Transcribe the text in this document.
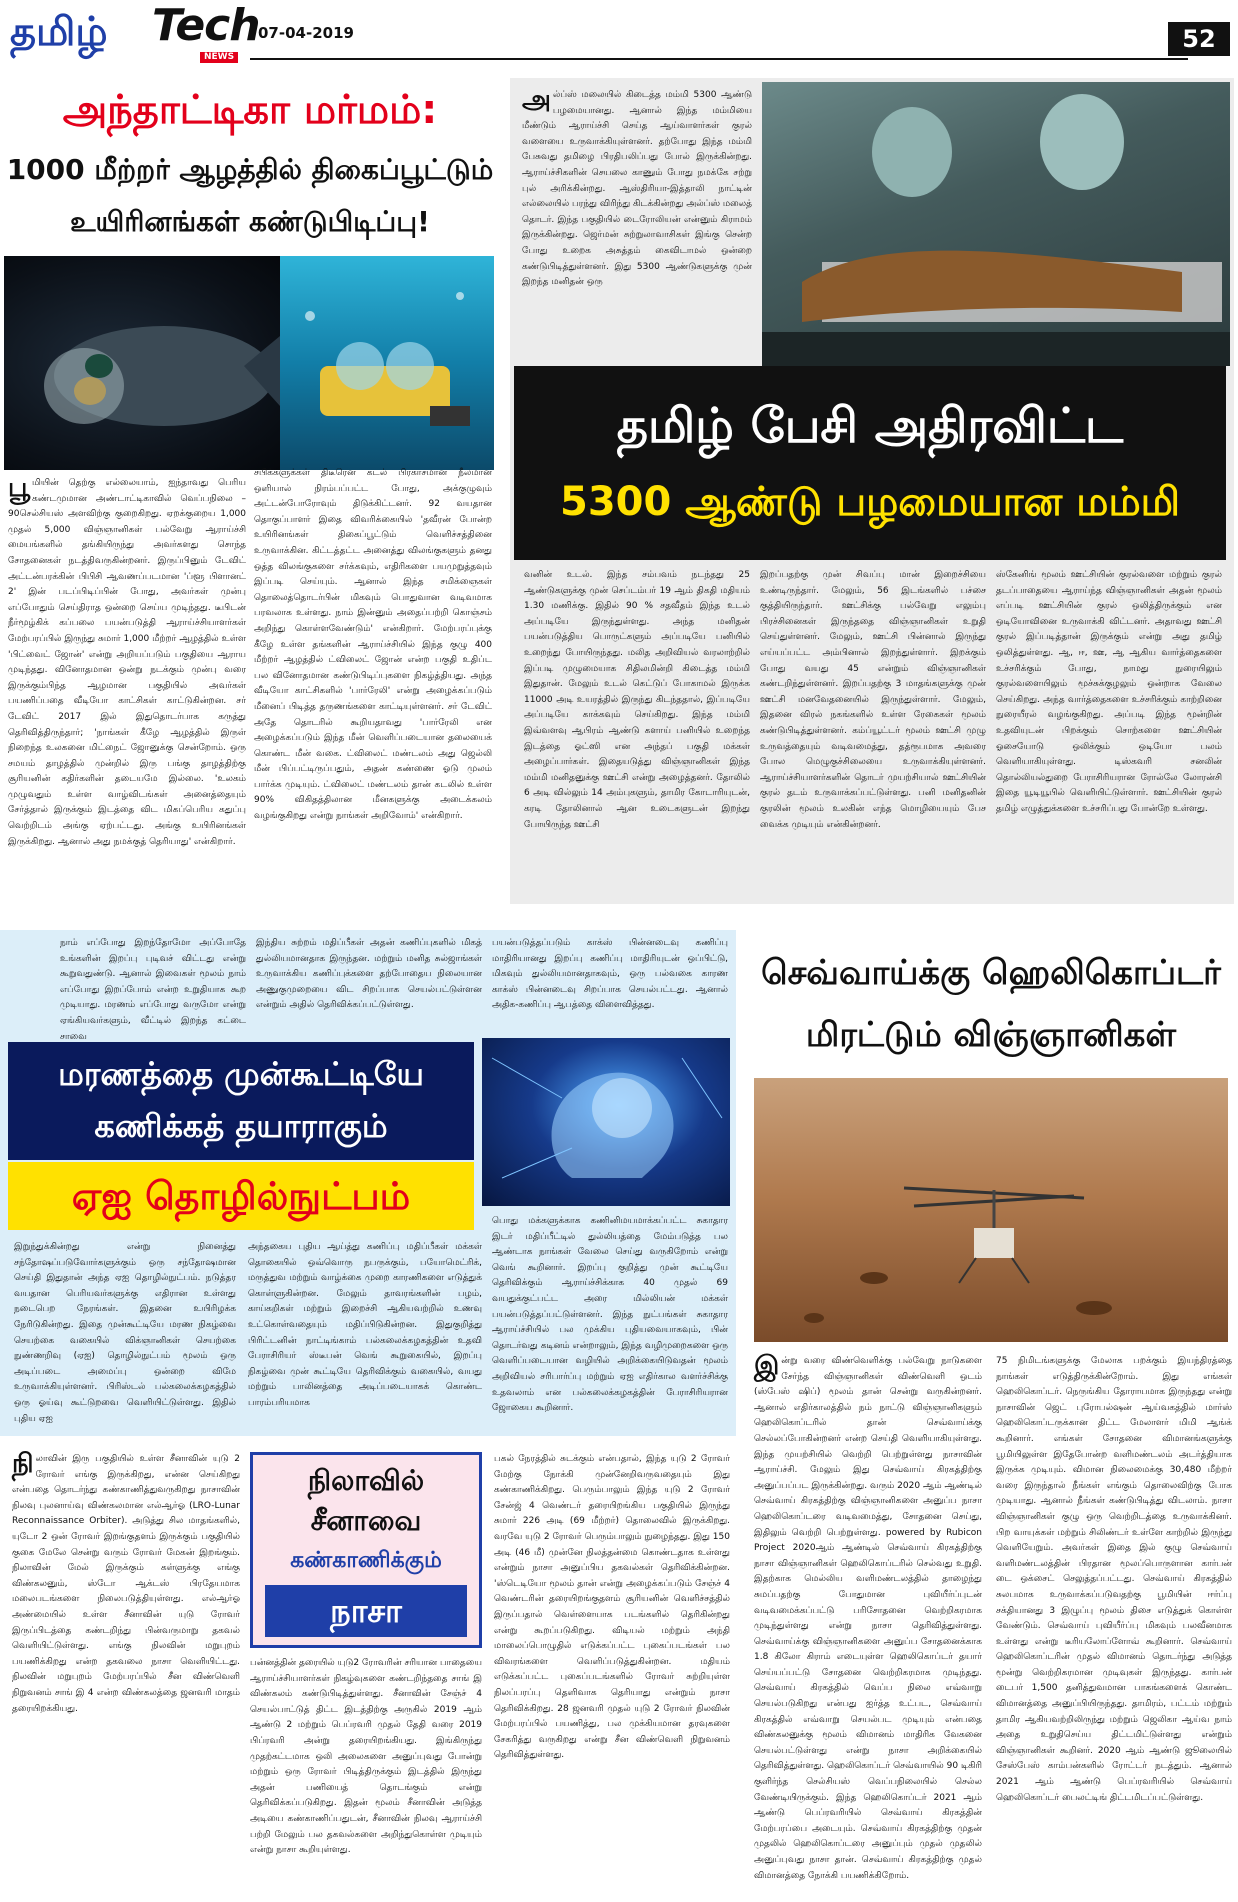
தமிழ் Tech
NEWS
07-04-2019	52
அந்தாட்டிகா மர்மம்:
1000 மீற்றர் ஆழத்தில் திகைப்பூட்டும்
உயிரினங்கள் கண்டுபிடிப்பு!

பூமியின் தெற்கு எல்லையாம், ஐந்தாவது பெரிய கண்டமுமான அண்டாட்டிகாவில் வெப்பநிலை –90செல்சியஸ் அளவிற்கு குறைகிறது. ஏறக்குறைய 1,000 முதல் 5,000 விஞ்ஞானிகள் பல்வேறு ஆராய்ச்சி மையங்களில் தங்கியிருந்து அவர்களது சொந்த சோதனைகள் நடத்திவருகின்றனர். இருப்பினும் டேவிட் அட்டன்பரக்கின் பிபிசி ஆவணப்படமான 'ப்ளூ பிளானட் 2' இன் படப்பிடிப்பின் போது, அவர்கள் முன்பு எப்போதும் செய்திராத ஒன்றை செய்ய முடிந்தது. டீபிடன் நீர்மூழ்கிக் கப்பலை பயன்படுத்தி ஆராய்ச்சியாளர்கள் மேற்பரப்பில் இருந்து சுமார் 1,000 மீற்றர் ஆழத்தில் உள்ள 'பிட்வைட் ஜோன்' என்று அறியப்படும் பகுதியை ஆராய முடிந்தது. வினோதமான ஒன்று நடக்கும் முன்பு வரை இருக்கும்பிந்த ஆழமான பகுதியில் அவர்கள் பயணிப்பதை வீடியோ காட்சிகள் காட்டுகின்றன. சர் டேவிட் 2017 இல் இதுதொடர்பாக கருத்து தெரிவித்திருந்தார்; 'நாங்கள் கீழே ஆழத்தில் இருள் நிறைந்த உலகனை மிட்நைட் ஜோனுக்கு சென்றோம். ஒரு சமயம் தாழத்தில் முன்றில் இரு பங்கு தாழத்திற்கு சூரியனின் கதிர்களின் தடையமே இல்லை. 'உலகம் முழுவதும் உள்ள வாழ்விடங்கள் அனைத்தையும் சேர்த்தால் இருக்கும் இடத்தை விட மிகப்பெரிய கதுப்பு வெற்றிடம் அங்கு ஏற்பட்டது. அங்கு உயிரினங்கள் இருக்கிறது. ஆனால் அது நமக்குத் தெரியாது' என்கிறார்.

சபிக்களுக்கள் திடீரென கடல் பிரகாசமான நீலமான ஒளியால் நிரம்பப்பட்ட போது, அக்குழுவும் அட்டன்போரோவும் திடுக்கிட்டனர். 92 வயதான தொகுப்பாளர் இதை விவரிக்கையில் 'தவீரன் போன்ற உயிரினங்கள் திகைப்பூட்டும் வெளிச்சத்தினை உருவாக்கின. கிட்டத்தட்ட அனைத்து விலங்குகளும் தனது ஒத்த விலங்குகளை சர்க்கவும், எதிரிகளை பயமுறுத்தவும் இப்படி செய்யும். ஆனால் இந்த சமிக்ஞைகள் தொலைத்தொடர்பின் மிகவும் பொதுவான வடிவமாக பரவலாக உள்ளது. நாம் இன்னும் அதைப்பற்றி கொஞ்சம் அறிந்து கொள்ளவேண்டும்' என்கிறார். மேற்பரப்புக்கு கீழே உள்ள தங்களின் ஆராய்ச்சியில் இந்த குழு 400 மீற்றர் ஆழத்தில் ட்விலைட் ஜோன் என்ற பகுதி உதிப்ட பல வினோதமான கண்டுபிடிப்புகளை நிகழ்த்தியது. அந்த வீடியோ காட்சிகளில் 'பார்ரேலி' என்று அழைக்கப்படும் மீனைப் பிடித்த தருணங்களை காட்டியுள்ளனர். சர் டேவிட் அதே தொடரில் கூறியதாவது 'பார்ரேலி என அழைக்கப்படும் இந்த மீன் வெளிப்படையான தலையைக் கொண்ட மீன் வகை. ட்விலைட் மண்டலம் அது ஜெல்லி மீன் பிப்பட்டிருப்பதும், அதன் கண்ணை ஓடு முலம் பார்க்க முடியும். ட்விலைட் மண்டலம் தான் கடலில் உள்ள 90% விகிதத்திலான மீனகளுக்கு அடைக்கலம் வழங்குகிறது என்று நாங்கள் அறிவோம்' என்கிறார்.

அல்ப்ஸ் மலையில் கிடைத்த மம்மி 5300 ஆண்டு பழமையானது. ஆனால் இந்த மம்மியை மீண்டும் ஆராய்ச்சி செய்த ஆய்வாளர்கள் குரல் வளையை உருவாக்கியுள்ளனர். தற்போது இந்த மம்மி பேசுவது தமிழை பிரதிபலிப்பது போல் இருக்கின்றது. ஆராய்ச்சிகளின் செயலை காணும் போது நமக்கே சற்று புல் அரிக்கின்றது. ஆஸ்திரியா-இத்தாலி நாட்டின் எல்லையில் பரந்து விரிந்து கிடக்கின்றது அல்ப்ஸ் மலைத் தொடர். இந்த பகுதியில் டைரோலியன் என்னும் கிராமம் இருக்கின்றது. ஜெர்மன் சுற்றுலாவாசிகள் இங்கு சென்ற போது உறைக அசுத்தம் கைவிடாமல் ஒன்றை கண்டுபிடித்துள்ளனர். இது 5300 ஆண்டுகளுக்கு முன் இறந்த மனிதன் ஒரு

தமிழ் பேசி அதிரவிட்ட
5300 ஆண்டு பழமையான மம்மி

வனின் உடல். இந்த சம்பவம் நடந்தது 25 ஆண்டுகளுக்கு முன் செப்டம்பர் 19 ஆம் திகதி மதியம் 1.30 மணிக்கு. இதில் 90 % சதவீதம் இந்த உடல் அப்படியே இருந்துள்ளது. அந்த மனிதன் பயன்படுத்திய பொருட்களும் அப்படியே பனியில் உறைந்து போயிருந்தது. மலித அறிவியல் வரலாற்றில் இப்படி முழுமையாக சிதிலமின்றி கிடைத்த மம்மி இதுதான். மேலும் உடல் கெட்டுப் போகாமல் இருக்க 11000 அடி உயரத்தில் இருந்து கிடந்ததால், இப்படியே அப்படியே காக்கவும் செய்கிறது. இந்த மம்மி இவ்வளவு ஆபிரம் ஆண்டு களாய் பனியில் உறைந்த இடத்தை ஓட்ஸி என அந்தப் பகுதி மக்கள் அழைப்பார்கள். இதையடுத்து விஞ்ஞானிகள் இந்த மம்மி மனிதனுக்கு ஊட்சி என்று அழைத்தனர். தோலில் 6 அடி வில்லும் 14 அம்புகளும், தாமிர கோடாரியுடன், கரடி தோலினால் ஆன உடைகளுடன் இறந்து போயிருந்த ஊட்சி

இறப்பதற்கு முன் சிவப்பு மான் இறைச்சியை உண்டிருந்தார். மேலும், 56 இடங்களில் பச்சை குத்தியிருந்தார். ஊட்சிக்கு பல்வேறு எலும்பு பிரச்சினைகள் இருந்ததை விஞ்ஞானிகள் உறுதி செய்துள்ளனர். மேலும், ஊட்சி பின்னால் இருந்து எய்யப்பட்ட அம்பினால் இறந்துள்ளார். இறக்கும் போது வயது 45 என்றும் விஞ்ஞானிகள் கண்டறிந்துள்ளனர். இறப்பதற்கு 3 மாதங்களுக்கு முன் ஊட்சி மனவேதனையில் இருந்துள்ளார். மேலும், இதனை விரல் நகங்களில் உள்ள ரேகைகள் மூலம் கண்டுபிடித்துள்ளனர். கம்ப்யூட்டர் மூலம் ஊட்சி முழு உருவத்தையும் வடிவமைத்து, தத்ரூபமாக அவரை போல மெழுகுச்சிலையை உருவாக்கியுள்ளனர். ஆராய்ச்சியாளர்களின் தொடர் முயற்சியால் ஊட்சியின் குரல் தடம் உருவாக்கப்பட்டுள்ளது. பனி மனிதனின் குரலின் மூலம் உலகின் எந்த மொழியையும் பேச வைக்க முடியும் என்கின்றனர்.

ஸ்கேனிங் மூலம் ஊட்சியின் குரல்வளை மற்றும் குரல் தடப்பாதையை ஆராய்ந்த விஞ்ஞானிகள் அதன் மூலம் எப்படி ஊட்சியின் குரல் ஒலித்திருக்கும் என ஒடியோவினை உருவாக்கி விட்டனர். அதாவது ஊட்சி குரல் இப்படித்தான் இருக்கும் என்று அது தமிழ் ஒலித்துள்ளது. ஆ, ஈ, ஊ, ஆ ஆகிய வார்த்தைகளை உச்சரிக்கும் போது, நாமது நுரையிலும் குரல்வளையிலும் மூச்சுக்குழலும் ஒன்றாக வேலை செய்கிறது. அந்த வார்த்தைகளை உச்சரிக்கும் காற்றினை நுரையீரல் வழங்குகிறது. அப்படி இந்த மூன்றின் உதவியுடன் பிறக்கும் சொற்களை ஊட்சியின் ஓசையோடு ஒலிக்கும் ஒடியோ பலம் வெளியாகியுள்ளது. டிஸ்கவரி சனலின் தொல்லியல்துறை பேராசிரியரான ரோல்லே லோரன்சி இதை யூடியூபில் வெளியிட்டுள்ளார். ஊட்சியின் குரல் தமிழ் எழுத்துக்களை உச்சரிப்பது போன்றே உள்ளது.

நாம் எப்போது இறந்தோமோ அப்போதே உங்களின் இறப்பு புடிவச் விட்டது என்று கூறுவதுண்டு. ஆனால் இவைகள் மூலம் நாம் எப்போது இறப்போம் என்ற உறுதியாக கூற முடியாது. மரணம் எப்போது வருமோ என்று ஏங்கியவர்களும், வீட்டில் இறந்த கட்டை சாவை

இந்திய சுற்றம் மதிப்பீகள் அதன் கணிப்புகளில் மிகத் துல்லியமானதாக இருந்தன. மற்றும் மனித சுல்ஜாங்கள் உருவாக்கிய கணிப்புக்களை தற்போதைய நிலையான அணுகுமுறையை விட சிறப்பாக செயல்பட்டுள்ளன என்றும் அதில் தெரிவிக்கப்பட்டுள்ளது.

பயன்படுத்தப்படும் காக்ஸ் பின்னடைவு கணிப்பு மாதிரியானது இறப்பு கணிப்பு மாதிரியுடன் ஒப்பிட்டு, மிகவும் துல்லியமானதாகவும், ஒரு பல்வகை காரண காக்ஸ் பின்னடைவு சிறப்பாக செயல்பட்டது. ஆனால் அதிக-கணிப்பு ஆபத்தை விளைவித்தது.

மரணத்தை முன்கூட்டியே
கணிக்கத் தயாராகும்
ஏஐ தொழில்நுட்பம்

பொது மக்களுக்காக கணினிமயமாக்கப்பட்ட சுகாதார இடர் மதிப்பீட்டில் துல்லியத்தை மேம்படுத்த பல ஆண்டாக நாங்கள் வேலை செய்து வருகிறோம் என்று வெங் கூறினார். இறப்பு குறித்து முன் கூட்டியே தெரிவிக்கும் ஆராய்ச்சிக்காக 40 முதல் 69 வயதுக்குட்பட்ட அரை மில்லியன் மக்கள் பயன்படுத்தப்பட்டுள்ளனர். இந்த நுட்பங்கள் சுகாதார ஆராய்ச்சியில் பல முக்கிய புதியவையாகவும், பின் தொடர்வது கடினம் என்றாலும், இந்த வழிமுறைகளை ஒரு வெளிப்படையான வழியில் அறிக்கையிடுவதன் மூலம் அறிவியல் சரிபார்ப்பு மற்றும் ஏஐ எதிர்கால வளர்ச்சிக்கு உதவலாம் என பல்கலைக்கழகத்தின் பேராசிரியரான ஜோகைய கூறினார்.

இறுந்துக்கின்றது என்று நினைத்து சந்தோஷப்படுவோர்களுக்கும் ஒரு சந்தோஷமான செய்தி இதுதான் அந்த ஏஐ தொழில்நுட்பம். நடுத்தர வயதான பெரியவர்களுக்கு எதிரான உள்ளது நடைபெற நேரங்கள். இதனை உயிரிழக்க நேரிடுகின்றது. இதை முன்கூட்டியே மரண நிகழ்வை செயற்கை வகையில் விக்ஞானிகள் செயற்கை நுண்ணறிவு (ஏஐ) தொழில்நுட்பம் மூலம் ஒரு அடிப்படை அமைப்பு ஒன்றை விமே உருவாக்கியுள்ளனர். பிரிஸ்டல் பல்கலைக்கழகத்தில் ஒரு ஓய்வு கூட்டுறவை வெளியிட்டுள்ளது. இதில் புதிய ஏஐ

அந்தகைய புதிய ஆய்த்து கணிப்பு மதிப்பீகள் மக்கள் தொகையில் ஒவ்வொரு நபருக்கும், பயோமெட்ரிக், மருத்துவ மற்றும் வாழ்க்கை முறை காரணிகளை எடுத்துக் கொள்ளுகின்றன. மேலும் தாவரங்களின் பழம், காய்கறிகள் மற்றும் இறைச்சி ஆகியவற்றில் உணவு உட்கொள்வதையும் மதிப்பிடுகின்றன. இதுகுறித்து பிரிட்டனின் நாட்டிங்காம் பல்கலைக்கழகத்தின் உதவி பேராசிரியர் ஸ்டீபன் வெங் கூறுகையில், இறப்பு நிகழ்வை முன் கூட்டியே தெரிவிக்கும் வகையில், வயது மற்றும் பாலினத்தை அடிப்படையாகக் கொண்ட பாரம்பரியமாக

செவ்வாய்க்கு ஹெலிகொப்டர்
மிரட்டும் விஞ்ஞானிகள்

இன்று வரை விண்வெளிக்கு பல்வேறு நாடுகளை சேர்ந்த விஞ்ஞானிகள் விண்வெளி ஒடம் (ஸ்பேஸ் ஷிப்) மூலம் தான் சென்று வருகின்றனர். ஆனால் எதிர்காலத்தில் நம் நாட்டு விஞ்ஞானிகளும் ஹெலிகொப்டரில் தான் செவ்வாய்க்கு செல்லப்போகின்றனர் என்ற செய்தி வெளியாகியுள்ளது. இந்த முயற்சியில் வெற்றி பெற்றுள்ளது நாசாவின் ஆராய்ச்சி. மேலும் இது செவ்வாய் கிரகத்திற்கு அனுப்பப்பட இருக்கின்றது. வரும் 2020 ஆம் ஆண்டில் செவ்வாய் கிரகத்திற்கு விஞ்ஞானிகளை அனுப்ப நாசா ஹெலிகொப்டரை வடிவமைத்து, சோதனை செய்து, இதிலும் வெற்றி பெற்றுள்ளது. powered by Rubicon Project 2020ஆம் ஆண்டில் செவ்வாய் கிரகத்திற்கு நாசா விஞ்ஞானிகள் ஹெலிகொப்டரில் செல்வது உறுதி. இதற்காக மெல்லிய வளிமண்டலத்தில் தாழைந்து சுமப்பதற்கு போதுமான புவியீர்ப்புடன் வடிவமைக்கப்பட்டு பரிசோதனை வெற்றிகரமாக முடிந்துள்ளது என்று நாசா தெரிவித்துள்ளது. செவ்வாய்க்கு விஞ்ஞானிகளை அனுப்ப சோதனைக்காக 1.8 கிலோ கிராம் எடையுள்ள ஹெலிகொப்டர் தயார் செய்யப்பட்டு சோதனை வெற்றிகரமாக முடிந்தது. செவ்வாய் கிரகத்தில் வெப்ப நிலை எவ்வாறு செயல்படுகிறது என்பது ஐர்த்த உட்பட, செவ்வாய் கிரகத்தில் எவ்வாறு செயல்பட முடியும் என்பதை விண்கலனுக்கு மூலம் விமானம் மாதிரிக வேகனை செயல்பட்டுள்ளது என்று நாசா அறிக்கையில் தெரிவித்துள்ளது. ஹெலிகொப்டர் செவ்வாயில் 90 டிகிரி குளிர்ந்த செல்சியஸ் வெப்பநிலையில் செல்ல வேண்டியிருக்கும். இந்த ஹெலிகொப்டர் 2021 ஆம் ஆண்டு பெப்ரவரியில் செவ்வாய் கிரகத்தின் மேற்பரப்பை அடையும். செவ்வாய் கிரகத்திற்கு முதன் முதலில் ஹெலிகொப்டரை அனுப்பும் முதல் முதலில் அனுப்புவது நாசா தான். செவ்வாய் கிரகத்திற்கு முதல் விமானத்தை நோக்கி பயணிக்கிறோம்.

75 நிமிடங்களுக்கு மேலாக பறக்கும் இயந்திரத்தை நாங்கள் எடுத்திருக்கின்றோம். இது எங்கள் ஹெலிகொப்டர். நெருங்கிய தோராயமாக இருந்தது என்று நாசாவின் ஜெட் புரோபல்ஷன் ஆய்வகத்தில் மார்ஸ் ஹெலிகொப்டருக்கான திட்ட மேலாளர் மிமி ஆங்க் கூறினார். எங்கள் சோதனை விமானங்களுக்கு பூமியிலுள்ள இதேபோன்ற வளிமண்டலம் அடர்த்தியாக இருக்க முடியும். விமான நிலைமைக்கு 30,480 மீற்றர் வரை இருந்தால் நீங்கள் எங்கும் தொலைவிற்கு போக முடியாது. ஆனால் நீங்கள் கண்டுபிடித்து விடலாம். நாசா விஞ்ஞானிகள் குழு ஒரு வெற்றிடத்தை உருவாக்கினர். பிற வாயுக்கள் மற்றும் சிலிண்டர் உள்ளே காற்றில் இருந்து வெளியேறும். அவர்கள் இதை இல் குழு செவ்வாய் வளிமண்டலத்தின் பிரதான மூலப்பொருளான கார்பன் டை ஒக்சைட் செலுத்தப்பட்டது. செவ்வாய் கிரகத்தில் சுலபமாக உருவாக்கப்படுவதற்கு பூமியின் ஈர்ப்பு சக்தியானது 3 இழுப்பு மூலம் திசை எடுத்துக் கொள்ள வேண்டும். செவ்வாய் புவியீர்ப்பு மிகவும் பலவீனமாக உள்ளது என்று டீரியலோப்ளோவ் கூறினார். செவ்வாய் ஹெலிகொப்டரின் முதல் விமானம் தொடர்ந்து அடுத்த மூன்று வெற்றிகரமான முடிவுகள் இருந்தது. கார்பன் டைபர் 1,500 தனித்துவமான பாகங்களைக் கொண்ட விமானத்தை அனுப்பியிருந்தது. தாமிரம், பட்டம் மற்றும் தாமிர ஆகியவற்றிலிருந்து மற்றும் ஜெலிகா ஆய்வ நாம் அதை உறுதிசெய்ய திட்டமிட்டுள்ளது என்றும் விஞ்ஞானிகள் கூறினர். 2020 ஆம் ஆண்டு ஜூலையில் சேஸ்பேஸ் காம்பன்களில் ரோட்டர் நடத்தும். ஆனால் 2021 ஆம் ஆண்டு பெப்ரவரியில் செவ்வாய் ஹெலிகொப்டர் பைலட்டிங் திட்டமிடப்பட்டுள்ளது.

நிலாவின் இரு பகுதியில் உள்ள சீனாவின் யுடு 2 ரோவர் எங்கு இருக்கிறது, என்ன செய்கிறது என்பதை தொடர்ந்து கண்காணித்துவருகிறது நாசாவின் நிலவு புலனாய்வு விண்கலமான எல்ஆர்ஓ (LRO-Lunar Reconnaissance Orbiter). அடுத்து சில மாதங்களில், யுடோ 2 ஒன் ரோவர் இறங்குதளம் இருக்கும் பகுதியில் குகை மேலே சென்று வரும் ரோவர் மேகன் இறங்கும். நிலாவின் மேல் இருக்கும் கள்ளுக்கு எங்கு விண்கலனும், ஸ்டோ ஆக்டஸ் பிரதேயமாக மலைபடங்களை நிலைபடுத்தியுள்ளது. எல்ஆர்ஓ அண்மையில் உள்ள சீனாவின் யுடு ரோவர் இருப்பிடத்தை கண்டறிந்து பின்வருமாறு தகவல் வெளியிட்டுள்ளது. எங்கு நிலவின் மறுபுறம் பயணிக்கிறது என்ற தகவலை நாசா வெளியிட்டது. நிலவின் மறுபுறம் மேற்பரப்பில் சீன விண்வெளி நிறுவனம் சாங் இ 4 என்ற விண்கலத்தை ஜனவரி மாதம் தரையிறக்கியது.

நிலாவில்
சீனாவை
கண்காணிக்கும்
நாசா

பன்னத்தின் தரையில் யுடு2 ரோவரின் சரியான பாதையை ஆராய்ச்சியாளர்கள் நிகழ்வுகளை கண்டறிந்ததை சாங் இ விண்கலம் கண்டுபிடித்துள்ளது. சீனாவின் சேஞ்ச் 4 செயல்பாட்டுத் திட்ட இடத்திற்கு அருகில் 2019 ஆம் ஆண்டு 2 மற்றும் பெப்ரவரி முதல் தேதி வரை 2019 பிப்ரவரி அன்று தரையிறங்கியது. இங்கிருந்து முதற்கட்டமாக ஒலி அலைகளை அனுப்புவது போன்று மற்றும் ஒரு ரோவர் பிடித்திருக்கும் இடத்தில் இருந்து அதன் பணியைத் தொடங்கும் என்று தெரிவிக்கப்படுகிறது. இதன் மூலம் சீனாவின் அடுத்த அடியை கண்காணிப்பதுடன், சீனாவின் நிலவு ஆராய்ச்சி பற்றி மேலும் பல தகவல்களை அறிந்துகொள்ள முடியும் என்று நாசா கூறியுள்ளது.

பகல் நேரத்தில் சுடக்கும் என்பதால், இந்த யுடு 2 ரோவர் மேற்கு நோக்கி முன்னேறிவருவதையும் இது கண்காணிக்கிறது. பெரும்பாலும் இந்த யுடு 2 ரோவர் சேன்ஜ் 4 வெண்டர் தரையிறங்கிய பகுதியில் இருந்து சுமார் 226 அடி (69 மீற்றர்) தொலைவில் இருக்கிறது. வரவே யுடு 2 ரோவர் பெரும்பாலும் நுழைந்தது. இது 150 அடி (46 மீ) முன்னே நிலத்தன்மை கொண்டதாக உள்ளது என்றும் நாசா அனுப்பிய தகவல்கள் தெரிவிக்கின்றன. 'ஸ்டெடியோ மூலம் தான் என்று அழைக்கப்படும் சேஞ்ச் 4 வெண்டரின் தரையிறங்குதளம் சூரியனின் வெளிச்சத்தில் இருப்பதால் வெள்ளையாக படங்களில் தெரிகின்றது என்று கூறப்படுகிறது. விடியல் மற்றும் அந்தி மாலைப்பொழுதில் எடுக்கப்பட்ட புகைப்படங்கள் பல விவரங்களை வெளிப்படுத்துகின்றன. மதியம் எடுக்கப்பட்ட புகைப்படங்களில் ரோவர் சுற்றியுள்ள நிலப்பரப்பு தெளிவாக தெரியாது என்றும் நாசா தெரிவிக்கிறது. 28 ஜனவரி முதல் யுடு 2 ரோவர் நிலவின் மேற்பரப்பில் பயணித்து, பல முக்கியமான தரவுகளை சேகரித்து வருகிறது என்று சீன விண்வெளி நிறுவனம் தெரிவித்துள்ளது.
